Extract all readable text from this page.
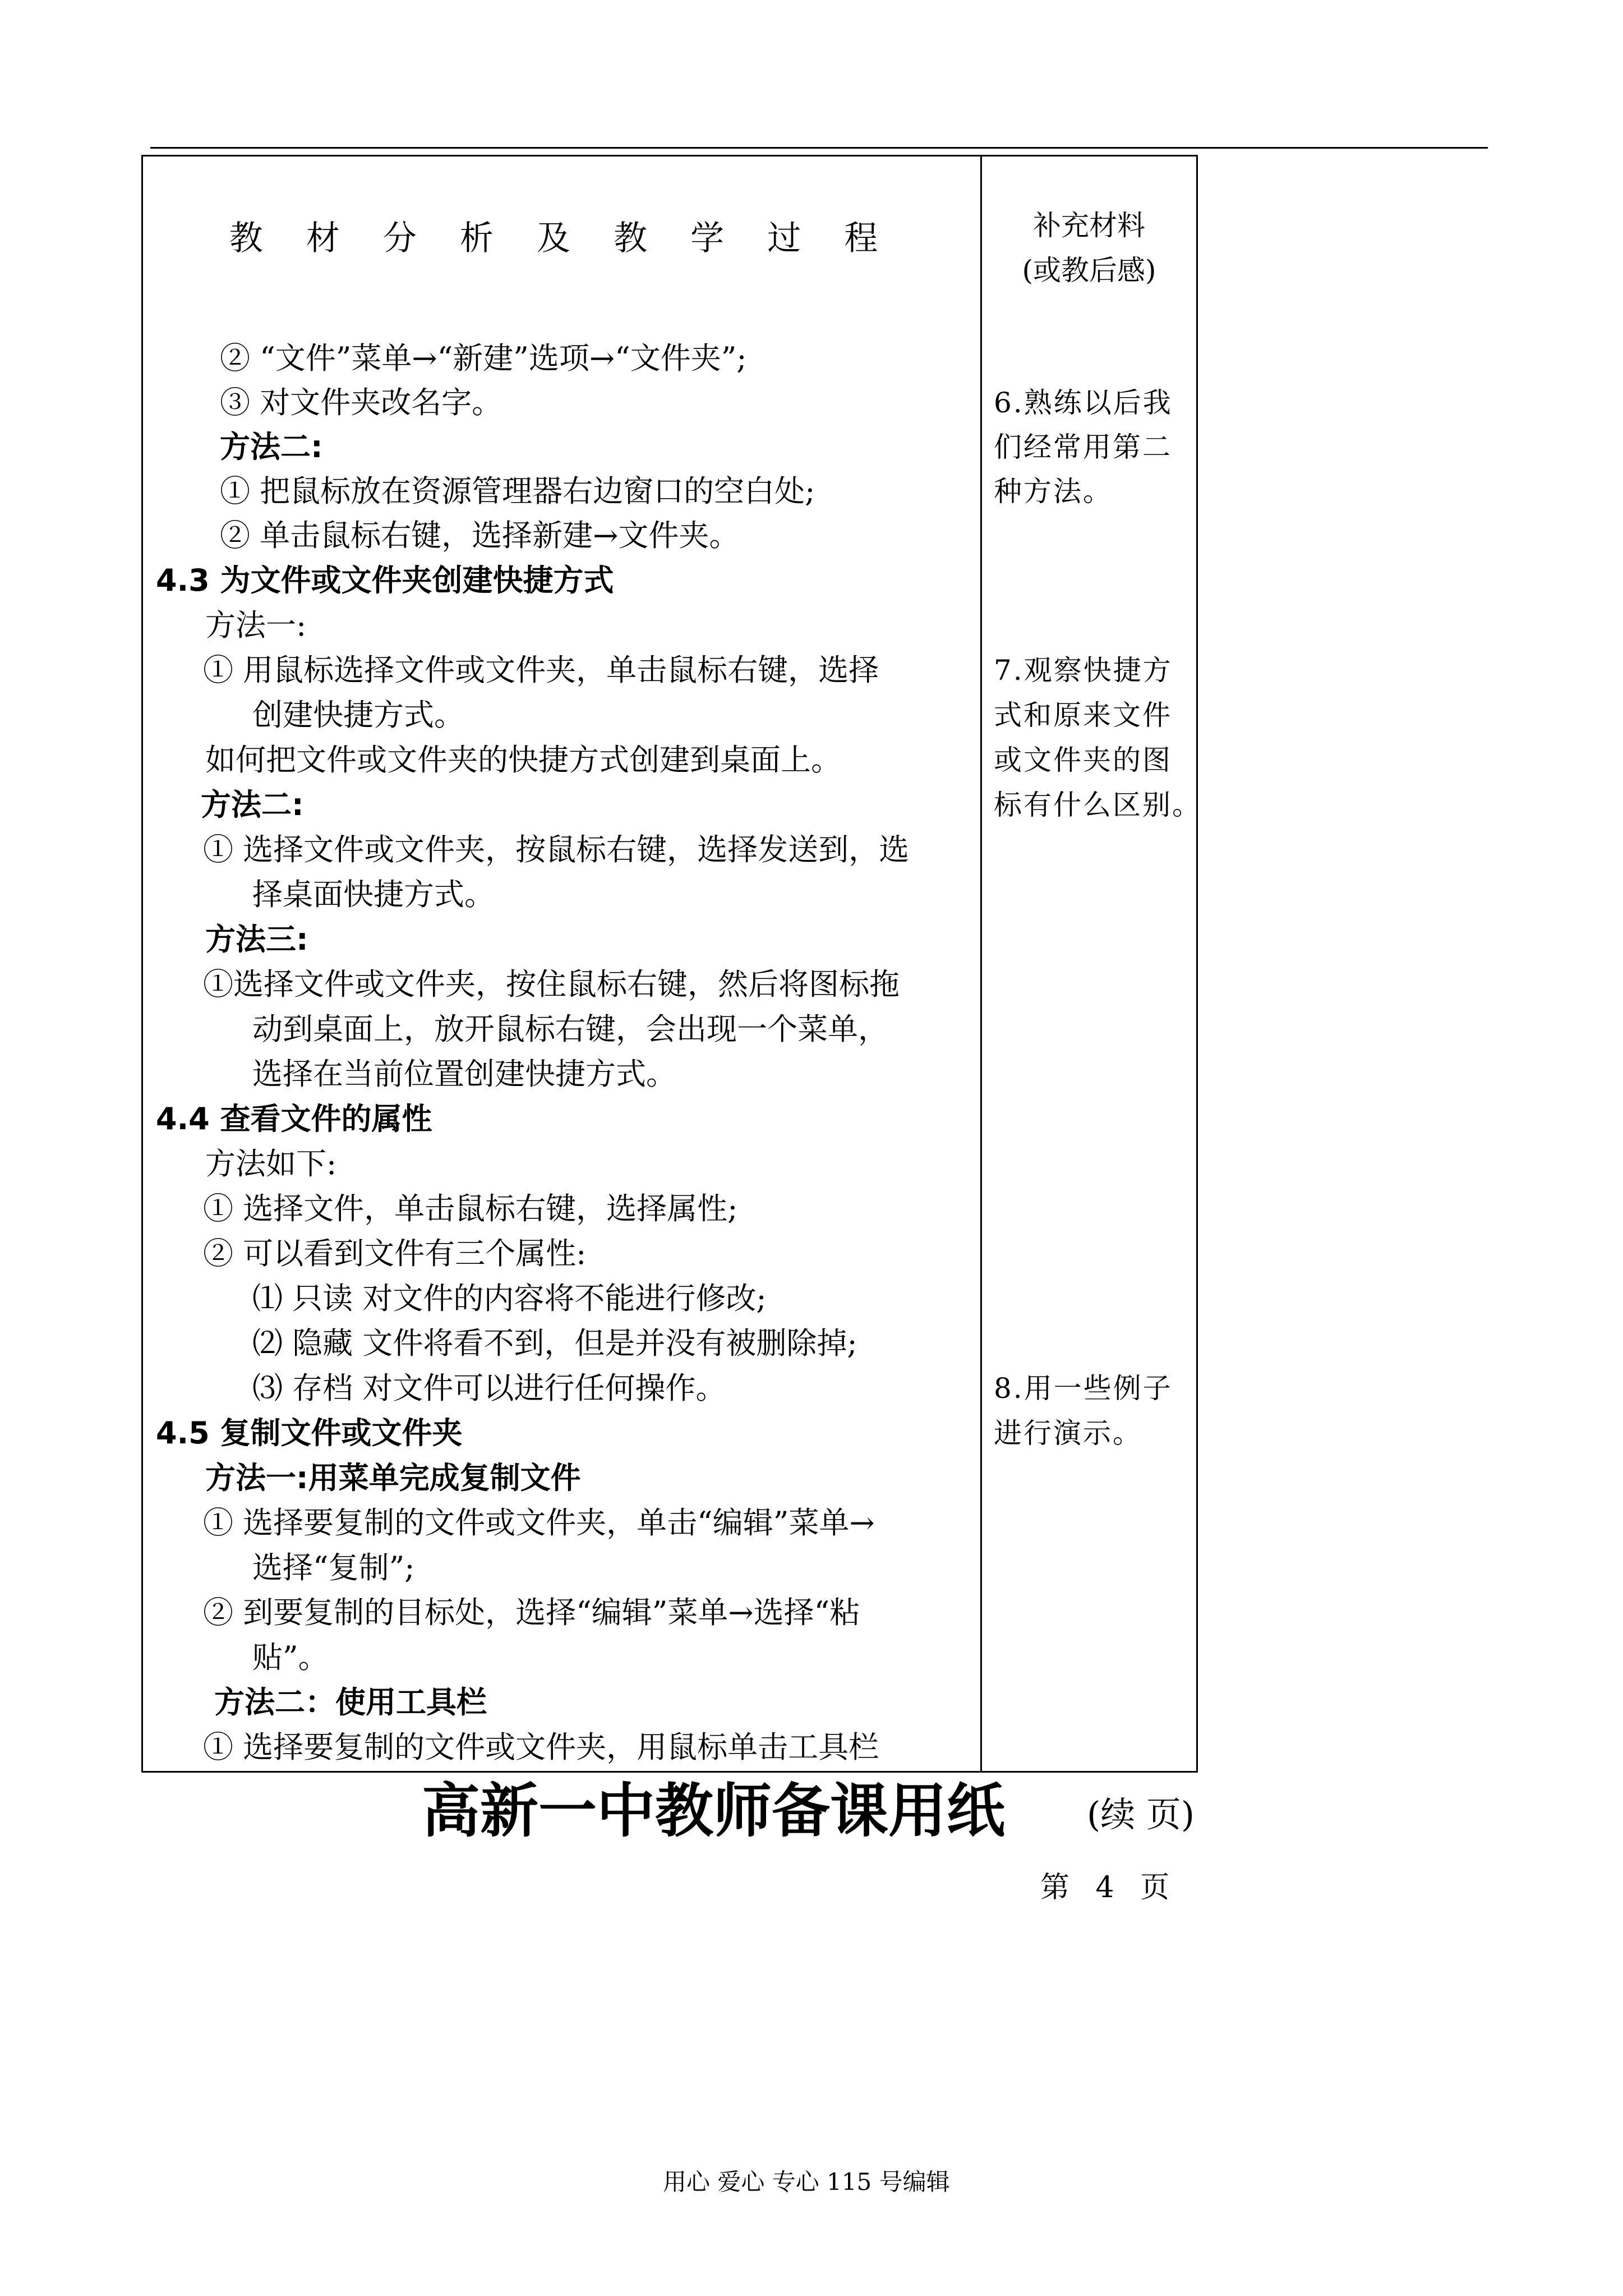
教 材 分 析 及 教 学 过 程	补充材料
(或教后感)
② “文件”菜单→“新建”选项→“文件夹”;
③ 对文件夹改名字。
方法二:
① 把鼠标放在资源管理器右边窗口的空白处;
② 单击鼠标右键，选择新建→文件夹。
4.3 为文件或文件夹创建快捷方式
方法一:
① 用鼠标选择文件或文件夹，单击鼠标右键，选择
创建快捷方式。
如何把文件或文件夹的快捷方式创建到桌面上。
方法二:
① 选择文件或文件夹，按鼠标右键，选择发送到，选
择桌面快捷方式。
方法三:
①选择文件或文件夹，按住鼠标右键，然后将图标拖
动到桌面上，放开鼠标右键，会出现一个菜单，
选择在当前位置创建快捷方式。
4.4 查看文件的属性
方法如下:
① 选择文件，单击鼠标右键，选择属性;
② 可以看到文件有三个属性:
⑴ 只读 对文件的内容将不能进行修改;
⑵ 隐藏 文件将看不到，但是并没有被删除掉;
⑶ 存档 对文件可以进行任何操作。
4.5 复制文件或文件夹
方法一:用菜单完成复制文件
① 选择要复制的文件或文件夹，单击“编辑”菜单→
选择“复制”;
② 到要复制的目标处，选择“编辑”菜单→选择“粘
贴”。
方法二：使用工具栏
① 选择要复制的文件或文件夹，用鼠标单击工具栏
6.熟练以后我
们经常用第二
种方法。
7.观察快捷方
式和原来文件
或文件夹的图
标有什么区别。
8.用一些例子
进行演示。
高新一中教师备课用纸 (续 页)
第 4 页
用心 爱心 专心 115 号编辑
